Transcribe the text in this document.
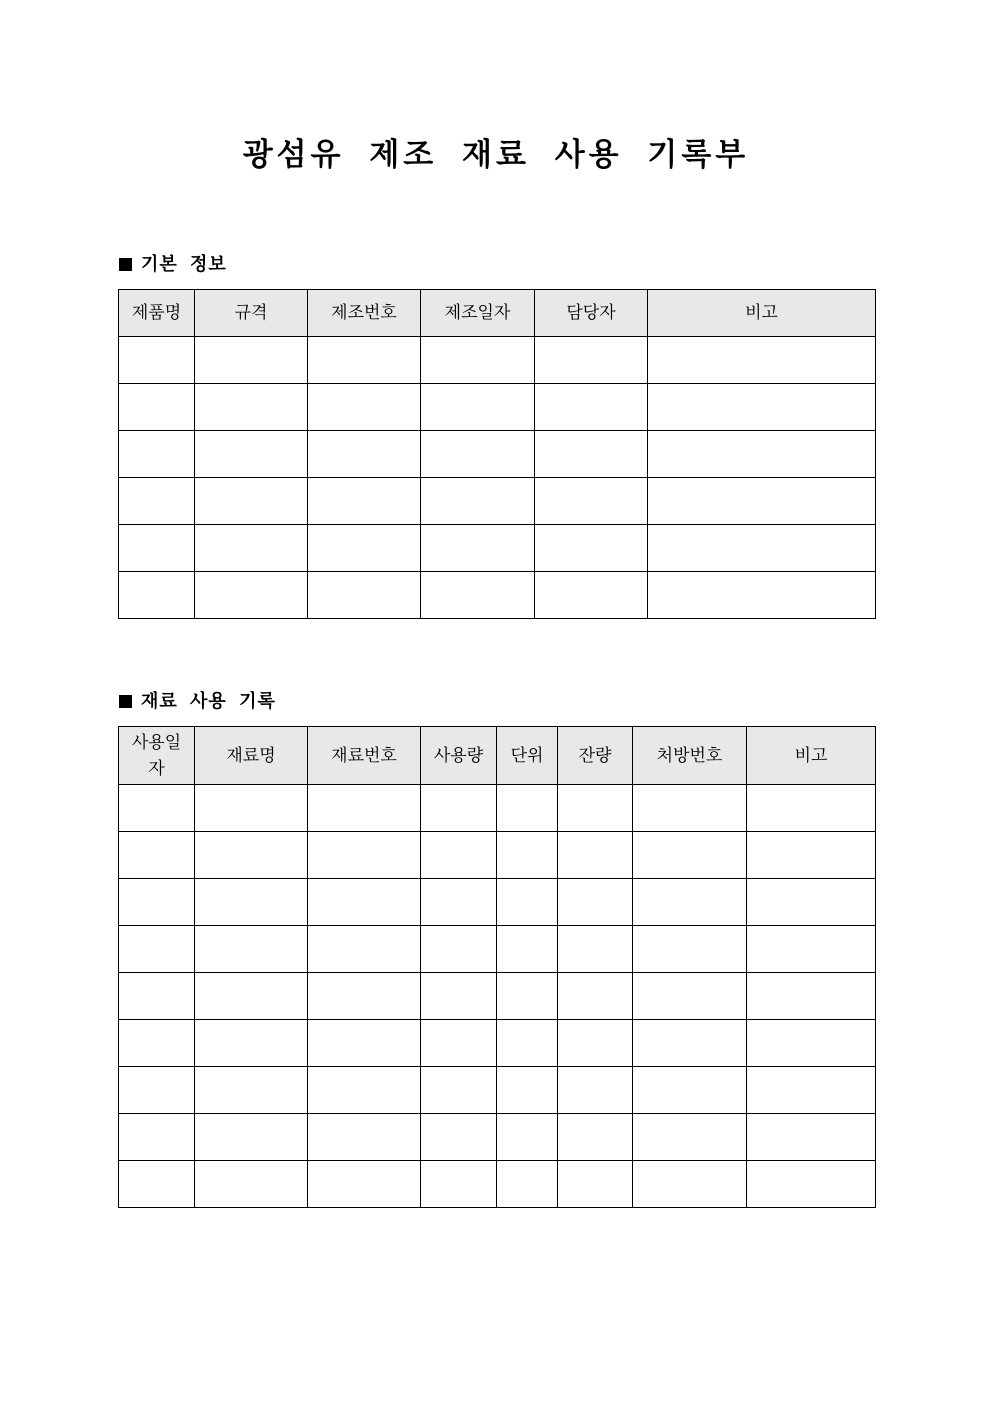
광섬유 제조 재료 사용 기록부
기본 정보
제품명	규격	제조번호	제조일자	담당자	비고

재료 사용 기록
사용일자	재료명	재료번호	사용량	단위	잔량	처방번호	비고
